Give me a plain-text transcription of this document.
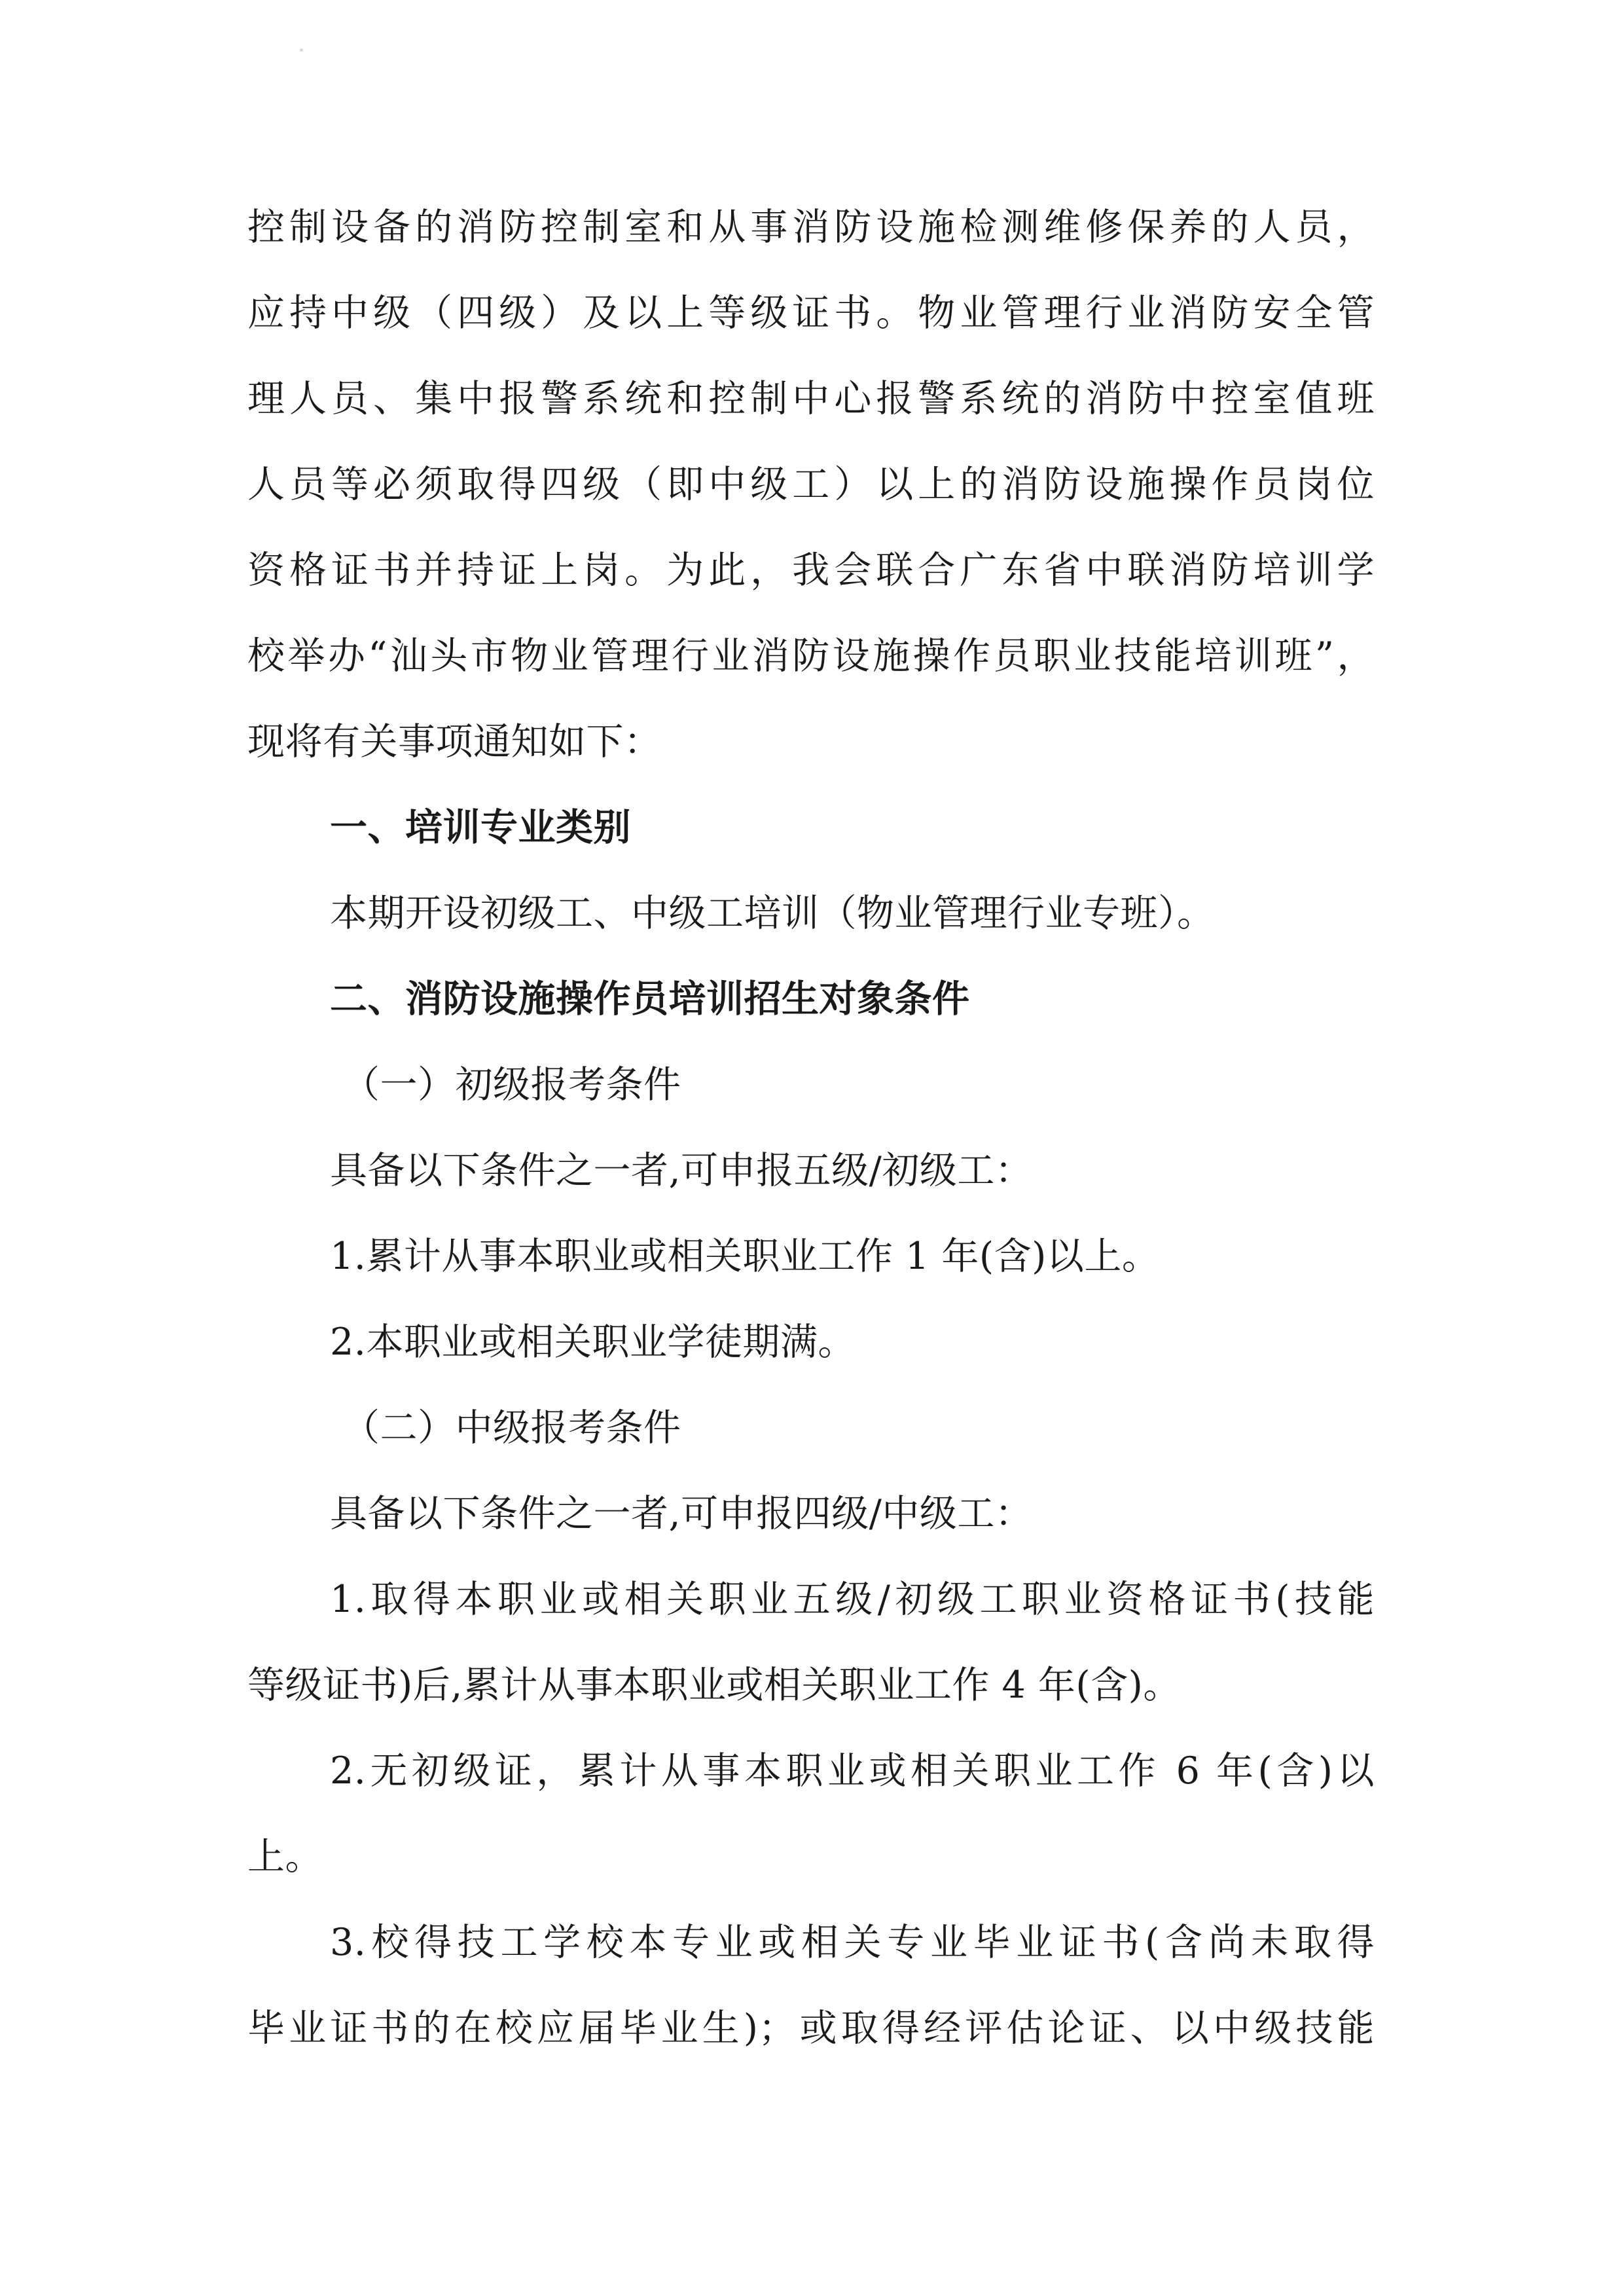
控制设备的消防控制室和从事消防设施检测维修保养的人员，
应持中级（四级）及以上等级证书。物业管理行业消防安全管
理人员、集中报警系统和控制中心报警系统的消防中控室值班
人员等必须取得四级（即中级工）以上的消防设施操作员岗位
资格证书并持证上岗。为此，我会联合广东省中联消防培训学
校举办“汕头市物业管理行业消防设施操作员职业技能培训班”，
现将有关事项通知如下：
一、培训专业类别
本期开设初级工、中级工培训（物业管理行业专班）。
二、消防设施操作员培训招生对象条件
（一）初级报考条件
具备以下条件之一者,可申报五级/初级工：
1.累计从事本职业或相关职业工作 1 年(含)以上。
2.本职业或相关职业学徒期满。
（二）中级报考条件
具备以下条件之一者,可申报四级/中级工：
1.取得本职业或相关职业五级/初级工职业资格证书(技能
等级证书)后,累计从事本职业或相关职业工作 4 年(含)。
2.无初级证，累计从事本职业或相关职业工作 6 年(含)以
上。
3.校得技工学校本专业或相关专业毕业证书(含尚未取得
毕业证书的在校应届毕业生)；或取得经评估论证、以中级技能
